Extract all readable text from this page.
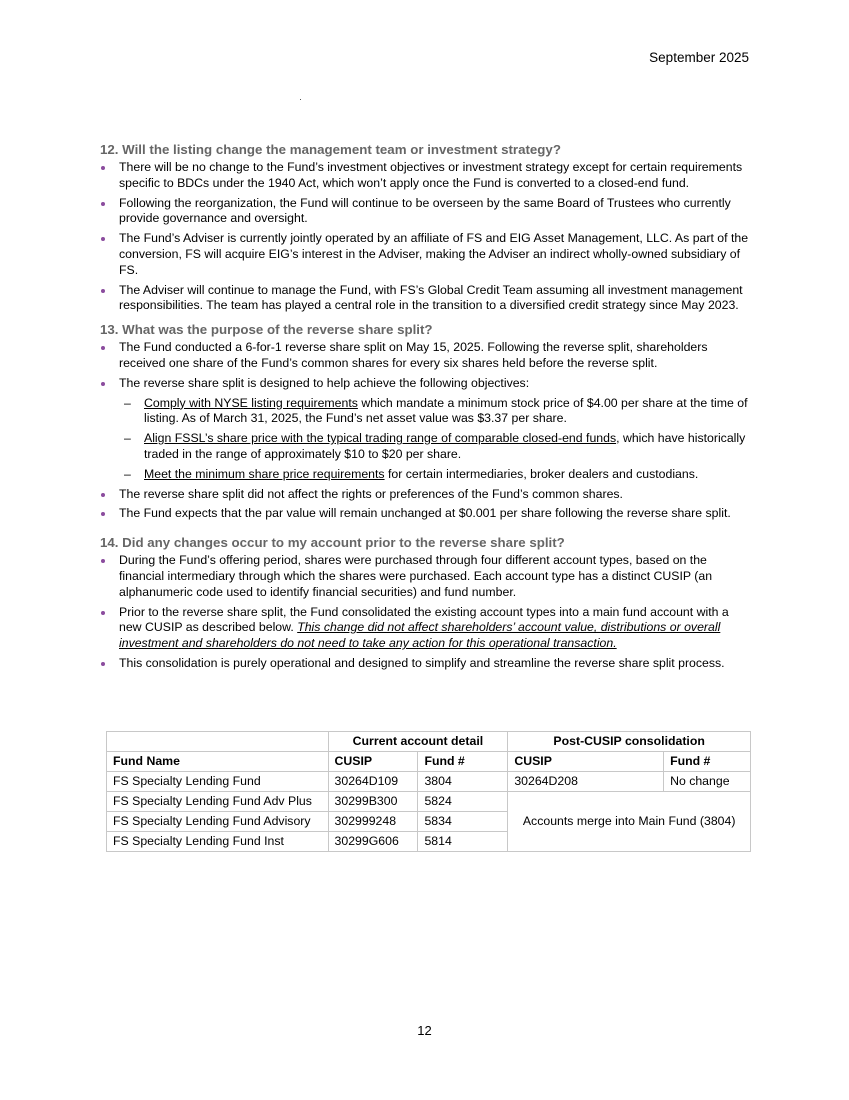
September 2025
12. Will the listing change the management team or investment strategy?
There will be no change to the Fund’s investment objectives or investment strategy except for certain requirements specific to BDCs under the 1940 Act, which won’t apply once the Fund is converted to a closed-end fund.
Following the reorganization, the Fund will continue to be overseen by the same Board of Trustees who currently provide governance and oversight.
The Fund’s Adviser is currently jointly operated by an affiliate of FS and EIG Asset Management, LLC. As part of the conversion, FS will acquire EIG’s interest in the Adviser, making the Adviser an indirect wholly-owned subsidiary of FS.
The Adviser will continue to manage the Fund, with FS’s Global Credit Team assuming all investment management responsibilities. The team has played a central role in the transition to a diversified credit strategy since May 2023.
13. What was the purpose of the reverse share split?
The Fund conducted a 6-for-1 reverse share split on May 15, 2025. Following the reverse split, shareholders received one share of the Fund’s common shares for every six shares held before the reverse split.
The reverse share split is designed to help achieve the following objectives:
– Comply with NYSE listing requirements which mandate a minimum stock price of $4.00 per share at the time of listing. As of March 31, 2025, the Fund’s net asset value was $3.37 per share.
– Align FSSL’s share price with the typical trading range of comparable closed-end funds, which have historically traded in the range of approximately $10 to $20 per share.
– Meet the minimum share price requirements for certain intermediaries, broker dealers and custodians.
The reverse share split did not affect the rights or preferences of the Fund’s common shares.
The Fund expects that the par value will remain unchanged at $0.001 per share following the reverse share split.
14. Did any changes occur to my account prior to the reverse share split?
During the Fund’s offering period, shares were purchased through four different account types, based on the financial intermediary through which the shares were purchased. Each account type has a distinct CUSIP (an alphanumeric code used to identify financial securities) and fund number.
Prior to the reverse share split, the Fund consolidated the existing account types into a main fund account with a new CUSIP as described below. This change did not affect shareholders’ account value, distributions or overall investment and shareholders do not need to take any action for this operational transaction.
This consolidation is purely operational and designed to simplify and streamline the reverse share split process.
	Current account detail		Post-CUSIP consolidation	
Fund Name	CUSIP	Fund #	CUSIP	Fund #
FS Specialty Lending Fund	30264D109	3804	30264D208	No change
FS Specialty Lending Fund Adv Plus	30299B300	5824	Accounts merge into Main Fund (3804)	
FS Specialty Lending Fund Advisory	302999248	5834		
FS Specialty Lending Fund Inst	30299G606	5814		
12
